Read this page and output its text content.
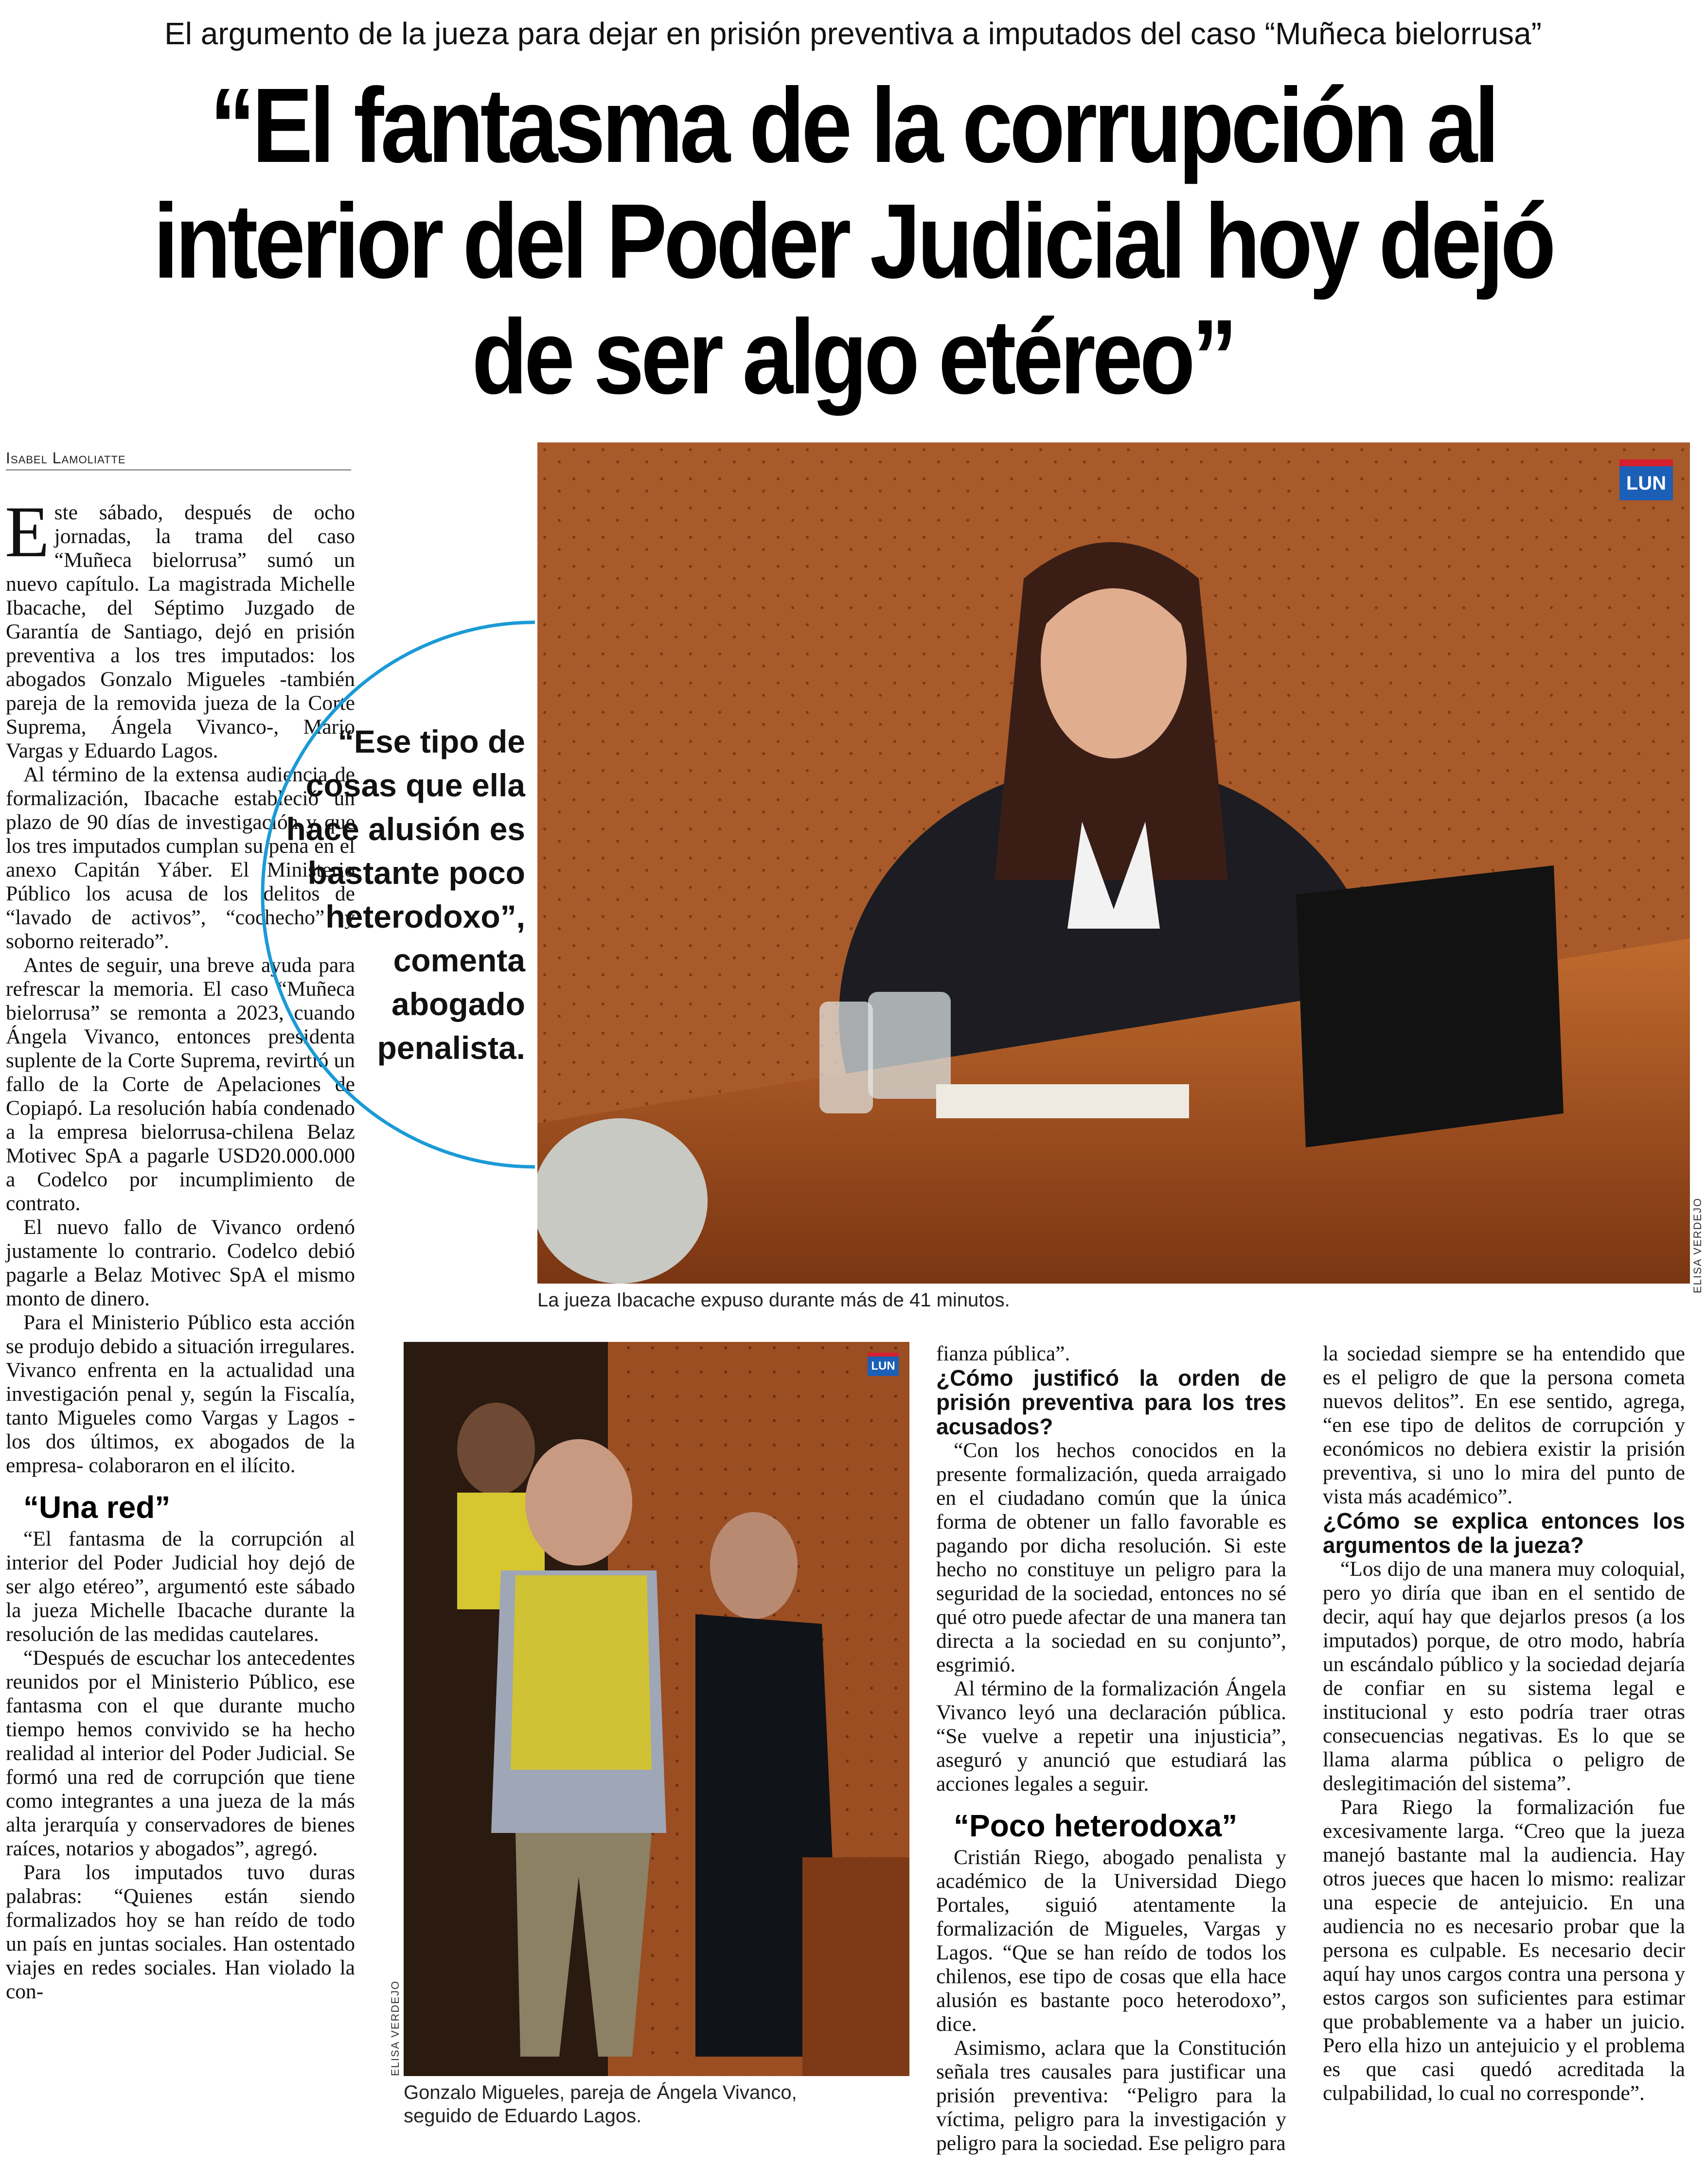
El argumento de la jueza para dejar en prisión preventiva a imputados del caso “Muñeca bielorrusa”
“El fantasma de la corrupción al
interior del Poder Judicial hoy dejó
de ser algo etéreo”
Isabel Lamoliatte

Este sábado, después de ocho jornadas, la trama del caso “Muñeca bielorrusa” sumó un nuevo capítulo. La magistrada Michelle Ibacache, del Séptimo Juzgado de Garantía de Santiago, dejó en prisión preventiva a los tres imputados: los abogados Gonzalo Migueles -también pareja de la removida jueza de la Corte Suprema, Ángela Vivanco-, Mario Vargas y Eduardo Lagos.

Al término de la extensa audiencia de formalización, Ibacache estableció un plazo de 90 días de investigación y que los tres imputados cumplan su pena en el anexo Capitán Yáber. El Ministerio Público los acusa de los delitos de “lavado de activos”, “cochecho” y soborno reiterado”.

Antes de seguir, una breve ayuda para refrescar la memoria. El caso “Muñeca bielorrusa” se remonta a 2023, cuando Ángela Vivanco, entonces presidenta suplente de la Corte Suprema, revirtió un fallo de la Corte de Apelaciones de Copiapó. La resolución había condenado a la empresa bielorrusa-chilena Belaz Motivec SpA a pagarle USD20.000.000 a Codelco por incumplimiento de contrato.

El nuevo fallo de Vivanco ordenó justamente lo contrario. Codelco debió pagarle a Belaz Motivec SpA el mismo monto de dinero.

Para el Ministerio Público esta acción se produjo debido a situación irregulares. Vivanco enfrenta en la actualidad una investigación penal y, según la Fiscalía, tanto Migueles como Vargas y Lagos -los dos últimos, ex abogados de la empresa- colaboraron en el ilícito.

“Una red”

“El fantasma de la corrupción al interior del Poder Judicial hoy dejó de ser algo etéreo”, argumentó este sábado la jueza Michelle Ibacache durante la resolución de las medidas cautelares.

“Después de escuchar los antecedentes reunidos por el Ministerio Público, ese fantasma con el que durante mucho tiempo hemos convivido se ha hecho realidad al interior del Poder Judicial. Se formó una red de corrupción que tiene como integrantes a una jueza de la más alta jerarquía y conservadores de bienes raíces, notarios y abogados”, agregó.

Para los imputados tuvo duras palabras: “Quienes están siendo formalizados hoy se han reído de todo un país en juntas sociales. Han ostentado viajes en redes sociales. Han violado la con-

“Ese tipo de cosas que ella hace alusión es bastante poco heterodoxo”, comenta abogado penalista.
LUN
ELISA VERDEJO
La jueza Ibacache expuso durante más de 41 minutos.
LUN
ELISA VERDEJO
Gonzalo Migueles, pareja de Ángela Vivanco,
seguido de Eduardo Lagos.

fianza pública”.

¿Cómo justificó la orden de prisión preventiva para los tres acusados?

“Con los hechos conocidos en la presente formalización, queda arraigado en el ciudadano común que la única forma de obtener un fallo favorable es pagando por dicha resolución. Si este hecho no constituye un peligro para la seguridad de la sociedad, entonces no sé qué otro puede afectar de una manera tan directa a la sociedad en su conjunto”, esgrimió.

Al término de la formalización Ángela Vivanco leyó una declaración pública. “Se vuelve a repetir una injusticia”, aseguró y anunció que estudiará las acciones legales a seguir.

“Poco heterodoxa”

Cristián Riego, abogado penalista y académico de la Universidad Diego Portales, siguió atentamente la formalización de Migueles, Vargas y Lagos. “Que se han reído de todos los chilenos, ese tipo de cosas que ella hace alusión es bastante poco heterodoxo”, dice.

Asimismo, aclara que la Constitución señala tres causales para justificar una prisión preventiva: “Peligro para la víctima, peligro para la investigación y peligro para la sociedad. Ese peligro para

la sociedad siempre se ha entendido que es el peligro de que la persona cometa nuevos delitos”. En ese sentido, agrega, “en ese tipo de delitos de corrupción y económicos no debiera existir la prisión preventiva, si uno lo mira del punto de vista más académico”.

¿Cómo se explica entonces los argumentos de la jueza?

“Los dijo de una manera muy coloquial, pero yo diría que iban en el sentido de decir, aquí hay que dejarlos presos (a los imputados) porque, de otro modo, habría un escándalo público y la sociedad dejaría de confiar en su sistema legal e institucional y esto podría traer otras consecuencias negativas. Es lo que se llama alarma pública o peligro de deslegitimación del sistema”.

Para Riego la formalización fue excesivamente larga. “Creo que la jueza manejó bastante mal la audiencia. Hay otros jueces que hacen lo mismo: realizar una especie de antejuicio. En una audiencia no es necesario probar que la persona es culpable. Es necesario decir aquí hay unos cargos contra una persona y estos cargos son suficientes para estimar que probablemente va a haber un juicio. Pero ella hizo un antejuicio y el problema es que casi quedó acreditada la culpabilidad, lo cual no corresponde”.
